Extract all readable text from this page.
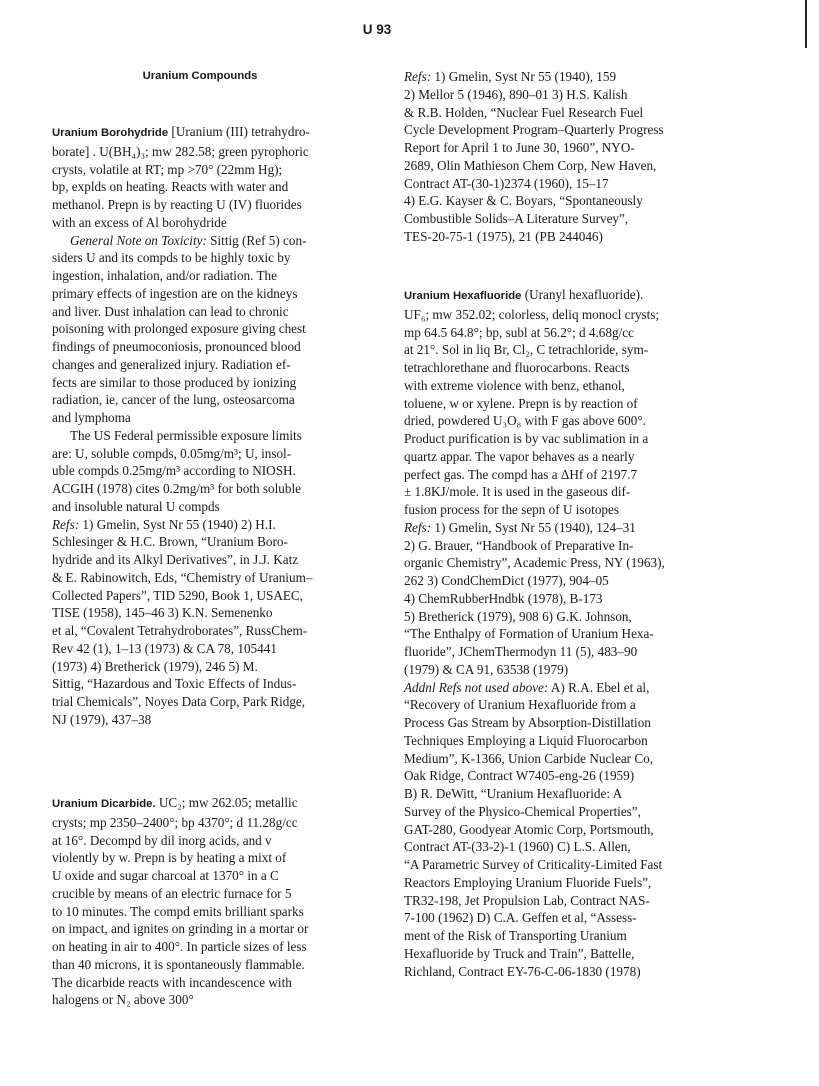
U 93
Uranium Compounds
Uranium Borohydride [Uranium (III) tetrahydro-
borate] . U(BH₄)₃; mw 282.58; green pyrophoric
crysts, volatile at RT; mp >70° (22mm Hg);
bp, explds on heating. Reacts with water and
methanol. Prepn is by reacting U (IV) fluorides
with an excess of Al borohydride
General Note on Toxicity: Sittig (Ref 5) con-
siders U and its compds to be highly toxic by
ingestion, inhalation, and/or radiation. The
primary effects of ingestion are on the kidneys
and liver. Dust inhalation can lead to chronic
poisoning with prolonged exposure giving chest
findings of pneumoconiosis, pronounced blood
changes and generalized injury. Radiation ef-
fects are similar to those produced by ionizing
radiation, ie, cancer of the lung, osteosarcoma
and lymphoma
The US Federal permissible exposure limits
are: U, soluble compds, 0.05mg/m³; U, insol-
uble compds 0.25mg/m³ according to NIOSH.
ACGIH (1978) cites 0.2mg/m³ for both soluble
and insoluble natural U compds
Refs: 1) Gmelin, Syst Nr 55 (1940) 2) H.I.
Schlesinger & H.C. Brown, “Uranium Boro-
hydride and its Alkyl Derivatives”, in J.J. Katz
& E. Rabinowitch, Eds, “Chemistry of Uranium–
Collected Papers”, TID 5290, Book 1, USAEC,
TISE (1958), 145–46 3) K.N. Semenenko
et al, “Covalent Tetrahydroborates”, RussChem-
Rev 42 (1), 1–13 (1973) & CA 78, 105441
(1973) 4) Bretherick (1979), 246 5) M.
Sittig, “Hazardous and Toxic Effects of Indus-
trial Chemicals”, Noyes Data Corp, Park Ridge,
NJ (1979), 437–38
Uranium Dicarbide. UC₂; mw 262.05; metallic
crysts; mp 2350–2400°; bp 4370°; d 11.28g/cc
at 16°. Decompd by dil inorg acids, and v
violently by w. Prepn is by heating a mixt of
U oxide and sugar charcoal at 1370° in a C
crucible by means of an electric furnace for 5
to 10 minutes. The compd emits brilliant sparks
on impact, and ignites on grinding in a mortar or
on heating in air to 400°. In particle sizes of less
than 40 microns, it is spontaneously flammable.
The dicarbide reacts with incandescence with
halogens or N₂ above 300°
Refs: 1) Gmelin, Syst Nr 55 (1940), 159
2) Mellor 5 (1946), 890–01 3) H.S. Kalish
& R.B. Holden, “Nuclear Fuel Research Fuel
Cycle Development Program–Quarterly Progress
Report for April 1 to June 30, 1960”, NYO-
2689, Olin Mathieson Chem Corp, New Haven,
Contract AT-(30-1)2374 (1960), 15–17
4) E.G. Kayser & C. Boyars, “Spontaneously
Combustible Solids–A Literature Survey”,
TES-20-75-1 (1975), 21 (PB 244046)
Uranium Hexafluoride (Uranyl hexafluoride).
UF₆; mw 352.02; colorless, deliq monocl crysts;
mp 64.5 64.8°; bp, subl at 56.2°; d 4.68g/cc
at 21°. Sol in liq Br, Cl₂, C tetrachloride, sym-
tetrachlorethane and fluorocarbons. Reacts
with extreme violence with benz, ethanol,
toluene, w or xylene. Prepn is by reaction of
dried, powdered U₃O₈ with F gas above 600°.
Product purification is by vac sublimation in a
quartz appar. The vapor behaves as a nearly
perfect gas. The compd has a ΔHf of 2197.7
± 1.8KJ/mole. It is used in the gaseous dif-
fusion process for the sepn of U isotopes
Refs: 1) Gmelin, Syst Nr 55 (1940), 124–31
2) G. Brauer, “Handbook of Preparative In-
organic Chemistry”, Academic Press, NY (1963),
262 3) CondChemDict (1977), 904–05
4) ChemRubberHndbk (1978), B-173
5) Bretherick (1979), 908 6) G.K. Johnson,
“The Enthalpy of Formation of Uranium Hexa-
fluoride”, JChemThermodyn 11 (5), 483–90
(1979) & CA 91, 63538 (1979)
Addnl Refs not used above: A) R.A. Ebel et al,
“Recovery of Uranium Hexafluoride from a
Process Gas Stream by Absorption-Distillation
Techniques Employing a Liquid Fluorocarbon
Medium”, K-1366, Union Carbide Nuclear Co,
Oak Ridge, Contract W7405-eng-26 (1959)
B) R. DeWitt, “Uranium Hexafluoride: A
Survey of the Physico-Chemical Properties”,
GAT-280, Goodyear Atomic Corp, Portsmouth,
Contract AT-(33-2)-1 (1960) C) L.S. Allen,
“A Parametric Survey of Criticality-Limited Fast
Reactors Employing Uranium Fluoride Fuels”,
TR32-198, Jet Propulsion Lab, Contract NAS-
7-100 (1962) D) C.A. Geffen et al, “Assess-
ment of the Risk of Transporting Uranium
Hexafluoride by Truck and Train”, Battelle,
Richland, Contract EY-76-C-06-1830 (1978)
